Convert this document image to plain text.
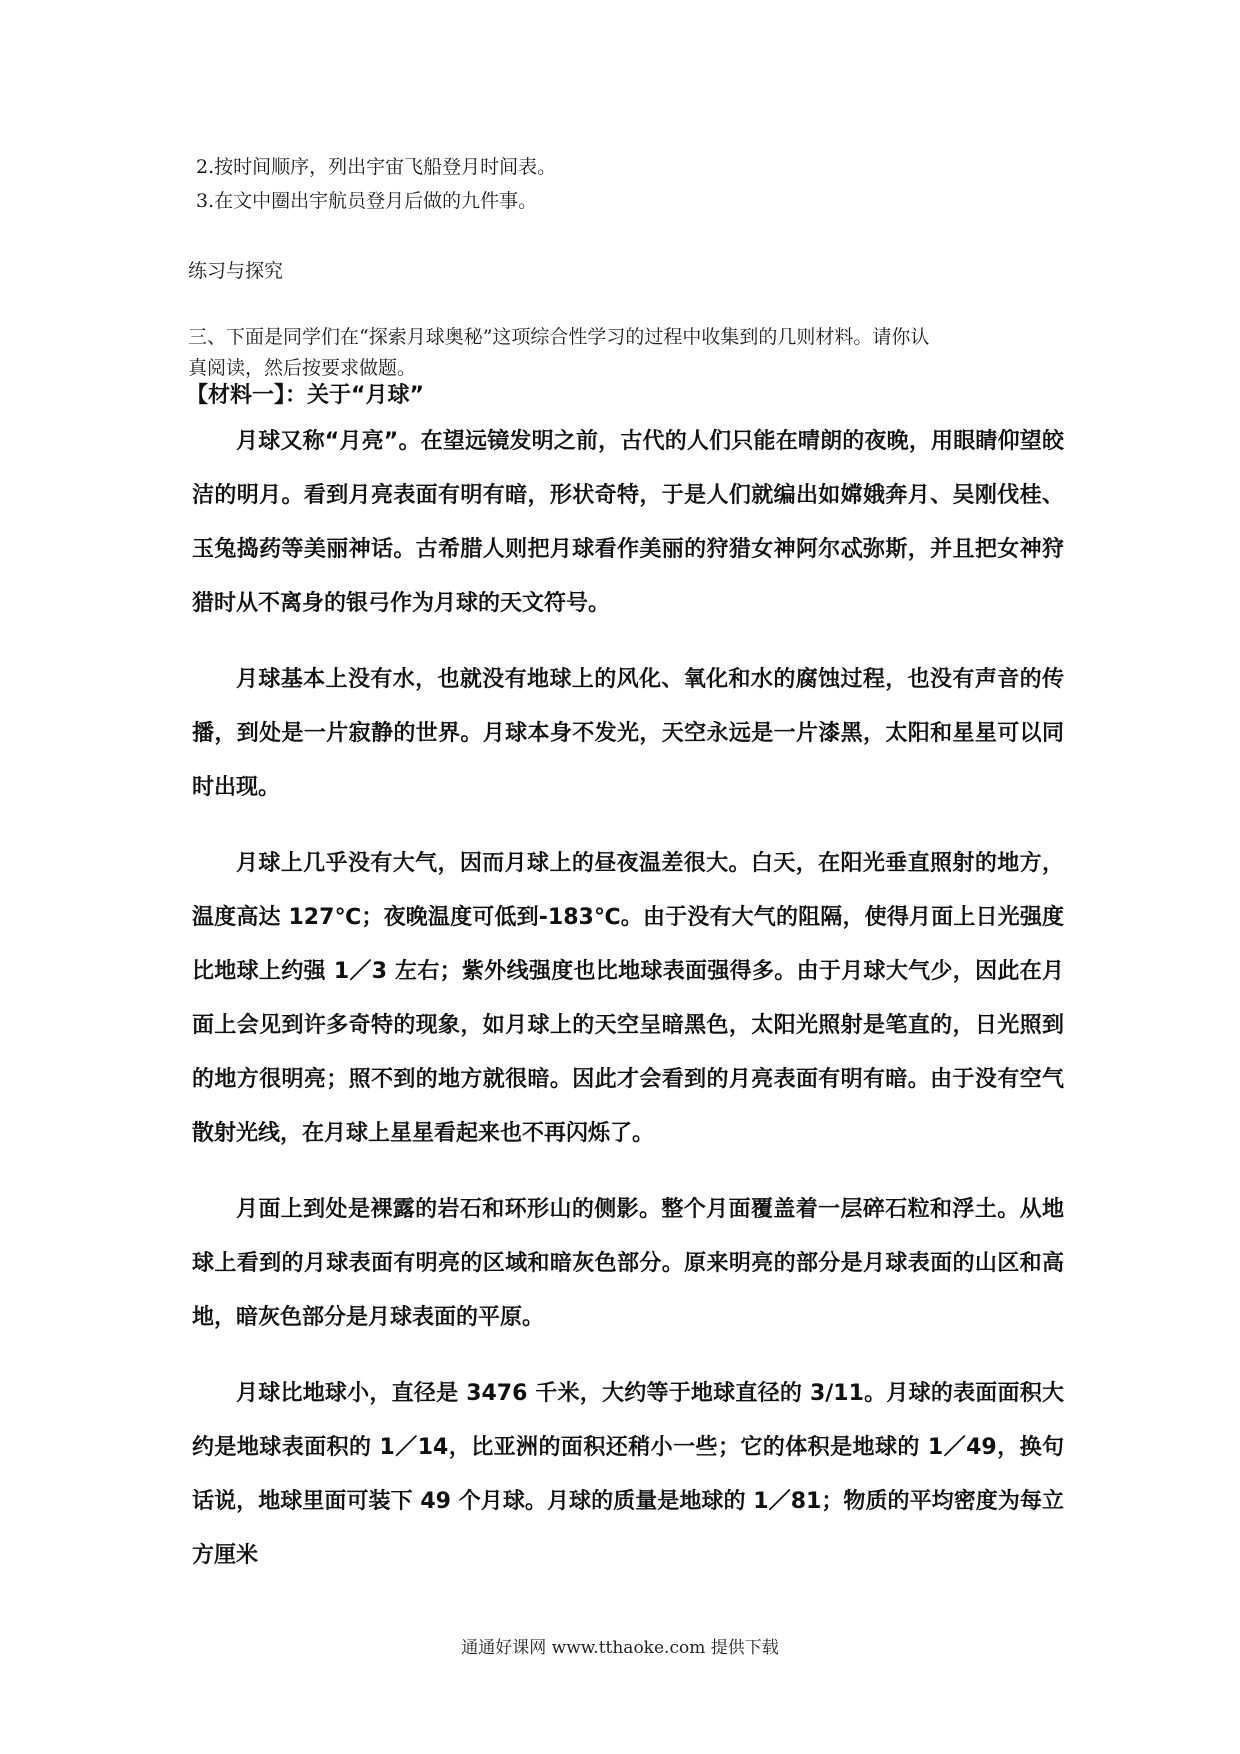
2.按时间顺序，列出宇宙飞船登月时间表。
3.在文中圈出宇航员登月后做的九件事。
练习与探究
三、下面是同学们在“探索月球奥秘”这项综合性学习的过程中收集到的几则材料。请你认
真阅读，然后按要求做题。
【材料一】：关于“月球”

月球又称“月亮”。在望远镜发明之前，古代的人们只能在晴朗的夜晚，用眼睛仰望皎洁的明月。看到月亮表面有明有暗，形状奇特，于是人们就编出如嫦娥奔月、吴刚伐桂、玉兔捣药等美丽神话。古希腊人则把月球看作美丽的狩猎女神阿尔忒弥斯，并且把女神狩猎时从不离身的银弓作为月球的天文符号。

月球基本上没有水，也就没有地球上的风化、氧化和水的腐蚀过程，也没有声音的传播，到处是一片寂静的世界。月球本身不发光，天空永远是一片漆黑，太阳和星星可以同时出现。

月球上几乎没有大气，因而月球上的昼夜温差很大。白天，在阳光垂直照射的地方，温度高达 127℃；夜晚温度可低到-183℃。由于没有大气的阻隔，使得月面上日光强度比地球上约强 1／3 左右；紫外线强度也比地球表面强得多。由于月球大气少，因此在月面上会见到许多奇特的现象，如月球上的天空呈暗黑色，太阳光照射是笔直的，日光照到的地方很明亮；照不到的地方就很暗。因此才会看到的月亮表面有明有暗。由于没有空气散射光线，在月球上星星看起来也不再闪烁了。

月面上到处是裸露的岩石和环形山的侧影。整个月面覆盖着一层碎石粒和浮土。从地球上看到的月球表面有明亮的区域和暗灰色部分。原来明亮的部分是月球表面的山区和高地，暗灰色部分是月球表面的平原。

月球比地球小，直径是 3476 千米，大约等于地球直径的 3/11。月球的表面面积大约是地球表面积的 1／14，比亚洲的面积还稍小一些；它的体积是地球的 1／49，换句话说，地球里面可装下 49 个月球。月球的质量是地球的 1／81；物质的平均密度为每立方厘米

通通好课网 www.tthaoke.com 提供下载
